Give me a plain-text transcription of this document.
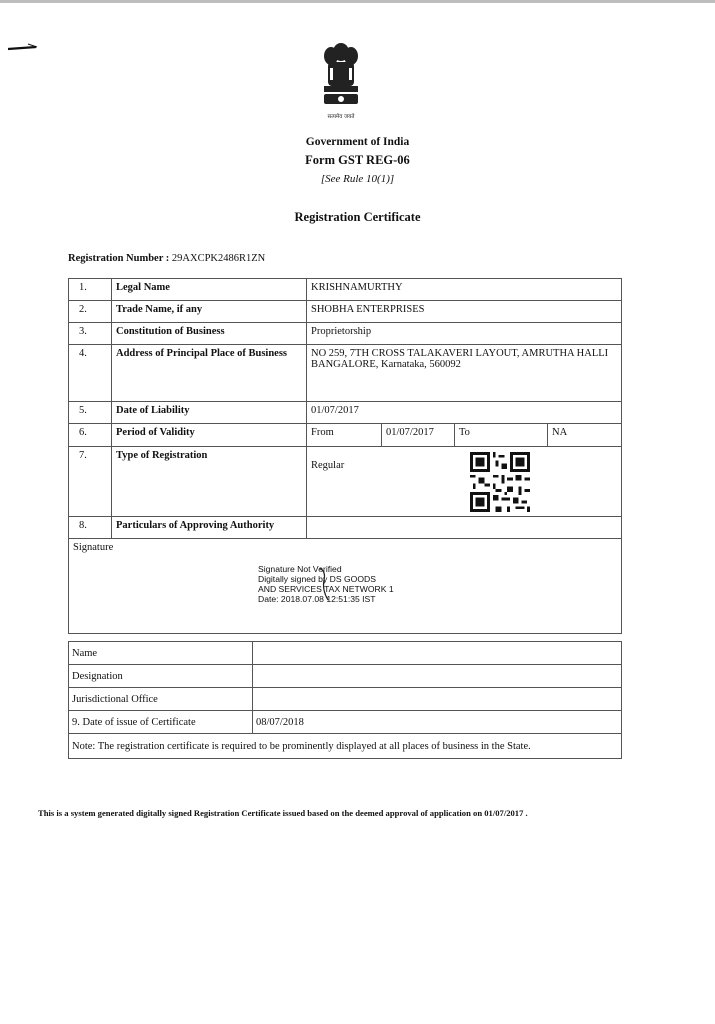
सत्यमेव जयते
Government of India
Form GST REG-06
[See Rule 10(1)]
Registration Certificate
Registration Number : 29AXCPK2486R1ZN
1.	Legal Name	KRISHNAMURTHY
2.	Trade Name, if any	SHOBHA ENTERPRISES
3.	Constitution of Business	Proprietorship
4.	Address of Principal Place of Business	NO 259, 7TH CROSS TALAKAVERI LAYOUT, AMRUTHA HALLI BANGALORE, Karnataka, 560092
5.	Date of Liability	01/07/2017
6.	Period of Validity		From	01/07/2017	To	NA

7.	Type of Registration	
Regular

8.	Particulars of Approving Authority	
Signature
Signature Not Verified
Digitally signed by DS GOODS
AND SERVICES TAX NETWORK 1
Date: 2018.07.08 12:51:35 IST
Name	
Designation	
Jurisdictional Office	
9. Date of issue of Certificate	08/07/2018
Note: The registration certificate is required to be prominently displayed at all places of business in the State.	
This is a system generated digitally signed Registration Certificate issued based on the deemed approval of application on 01/07/2017 .
